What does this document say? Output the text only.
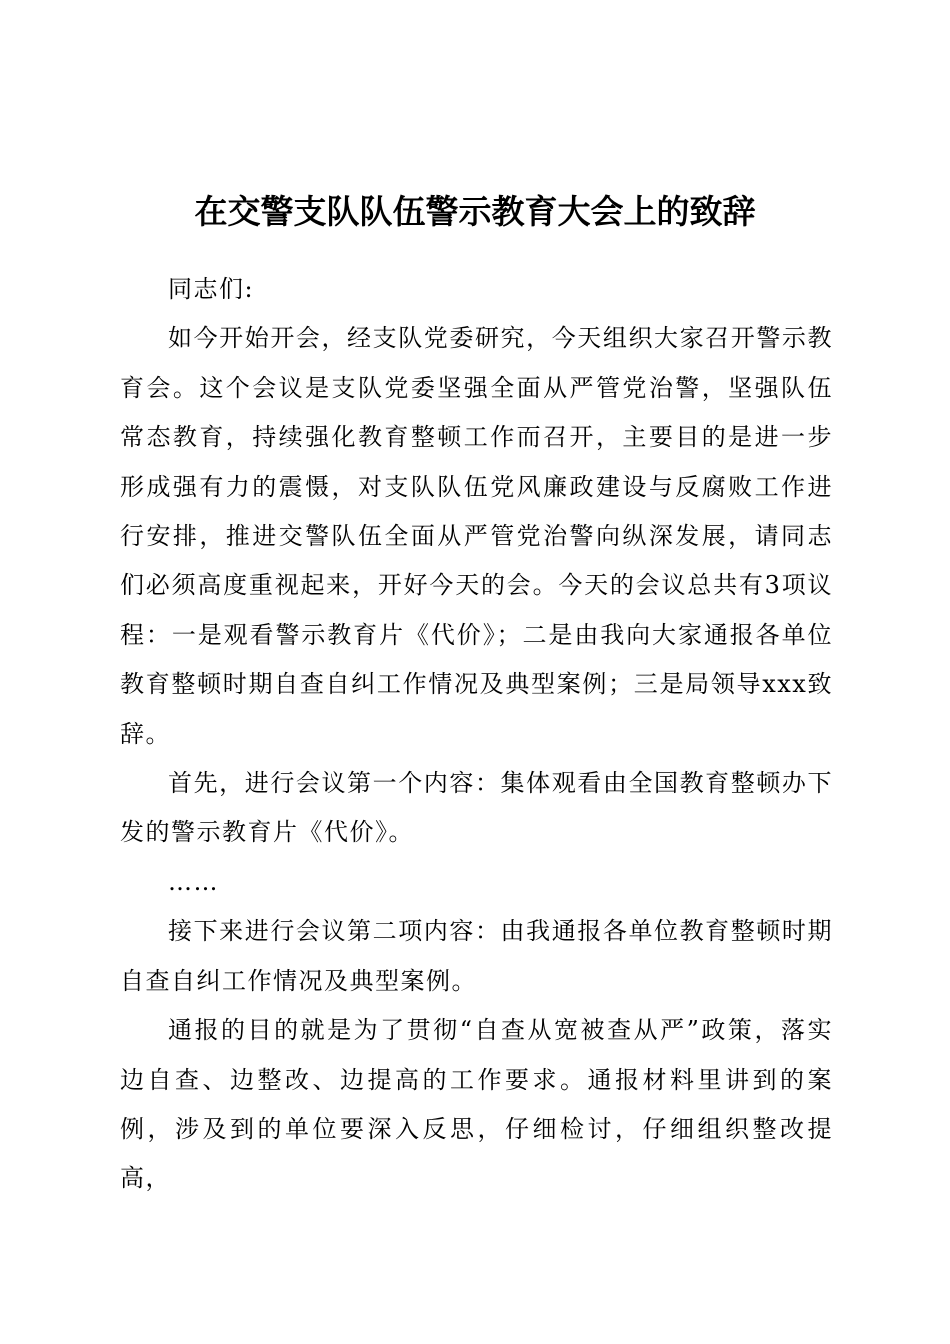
在交警支队队伍警示教育大会上的致辞

同志们:

如今开始开会，经支队党委研究，今天组织大家召开警示教育会。这个会议是支队党委坚强全面从严管党治警，坚强队伍常态教育，持续强化教育整顿工作而召开，主要目的是进一步形成强有力的震慑，对支队队伍党风廉政建设与反腐败工作进行安排，推进交警队伍全面从严管党治警向纵深发展，请同志们必须高度重视起来，开好今天的会。今天的会议总共有3项议程：一是观看警示教育片《代价》；二是由我向大家通报各单位教育整顿时期自查自纠工作情况及典型案例；三是局领导xxx致辞。

首先，进行会议第一个内容：集体观看由全国教育整顿办下发的警示教育片《代价》。

……

接下来进行会议第二项内容：由我通报各单位教育整顿时期自查自纠工作情况及典型案例。

通报的目的就是为了贯彻“自查从宽被查从严”政策，落实边自查、边整改、边提高的工作要求。通报材料里讲到的案例，涉及到的单位要深入反思，仔细检讨，仔细组织整改提高，
